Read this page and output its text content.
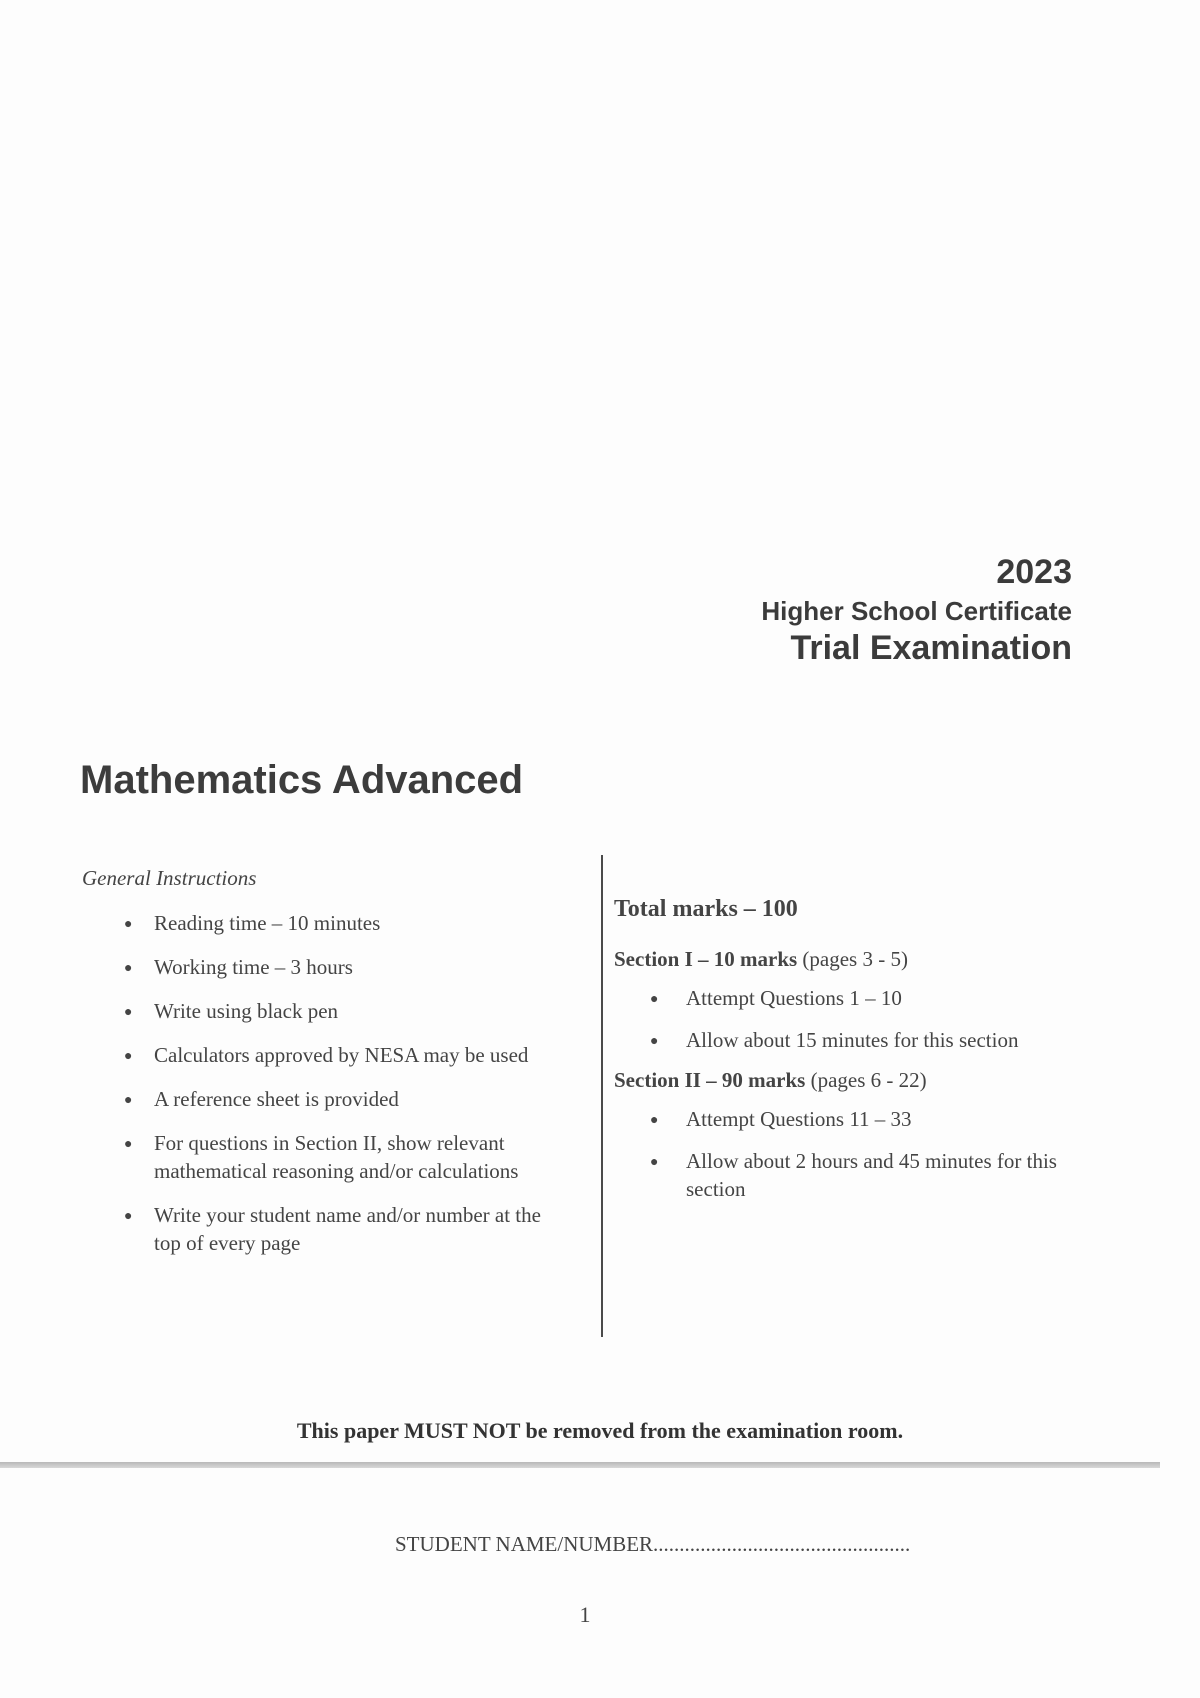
2023
Higher School Certificate
Trial Examination
Mathematics Advanced
General Instructions
● Reading time – 10 minutes
● Working time – 3 hours
● Write using black pen
● Calculators approved by NESA may be used
● A reference sheet is provided
● For questions in Section II, show relevant mathematical reasoning and/or calculations
● Write your student name and/or number at the top of every page
Total marks – 100
Section I – 10 marks (pages 3 - 5)
● Attempt Questions 1 – 10
● Allow about 15 minutes for this section
Section II – 90 marks (pages 6 - 22)
● Attempt Questions 11 – 33
● Allow about 2 hours and 45 minutes for this section
This paper MUST NOT be removed from the examination room.
STUDENT NAME/NUMBER.................................................
1
